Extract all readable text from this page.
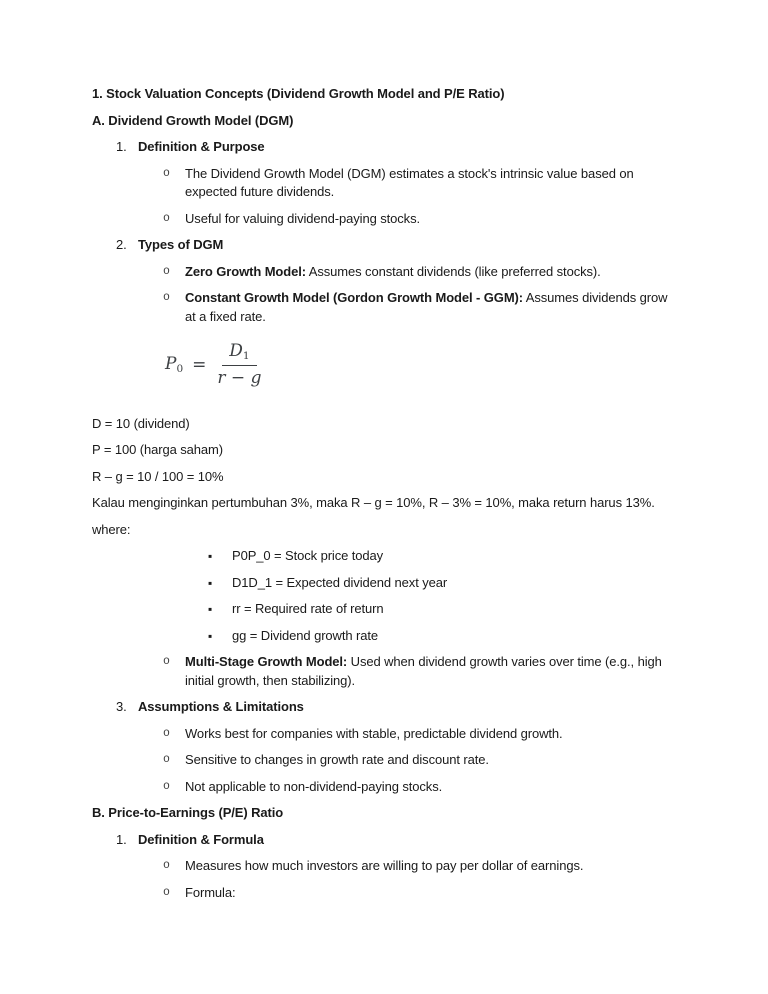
1. Stock Valuation Concepts (Dividend Growth Model and P/E Ratio)
A. Dividend Growth Model (DGM)
1. Definition & Purpose
o	The Dividend Growth Model (DGM) estimates a stock's intrinsic value based on expected future dividends.
o	Useful for valuing dividend-paying stocks.
2. Types of DGM
o	Zero Growth Model: Assumes constant dividends (like preferred stocks).
o	Constant Growth Model (Gordon Growth Model - GGM): Assumes dividends grow at a fixed rate.
$P_0 = \frac{D_1}{r - g}$
D = 10 (dividend)
P = 100 (harga saham)
R – g = 10 / 100 = 10%
Kalau menginginkan pertumbuhan 3%, maka R – g = 10%, R – 3% = 10%, maka return harus 13%.
where:
▪	P0P_0 = Stock price today
▪	D1D_1 = Expected dividend next year
▪	rr = Required rate of return
▪	gg = Dividend growth rate
o	Multi-Stage Growth Model: Used when dividend growth varies over time (e.g., high initial growth, then stabilizing).
3. Assumptions & Limitations
o	Works best for companies with stable, predictable dividend growth.
o	Sensitive to changes in growth rate and discount rate.
o	Not applicable to non-dividend-paying stocks.
B. Price-to-Earnings (P/E) Ratio
1. Definition & Formula
o	Measures how much investors are willing to pay per dollar of earnings.
o	Formula:
